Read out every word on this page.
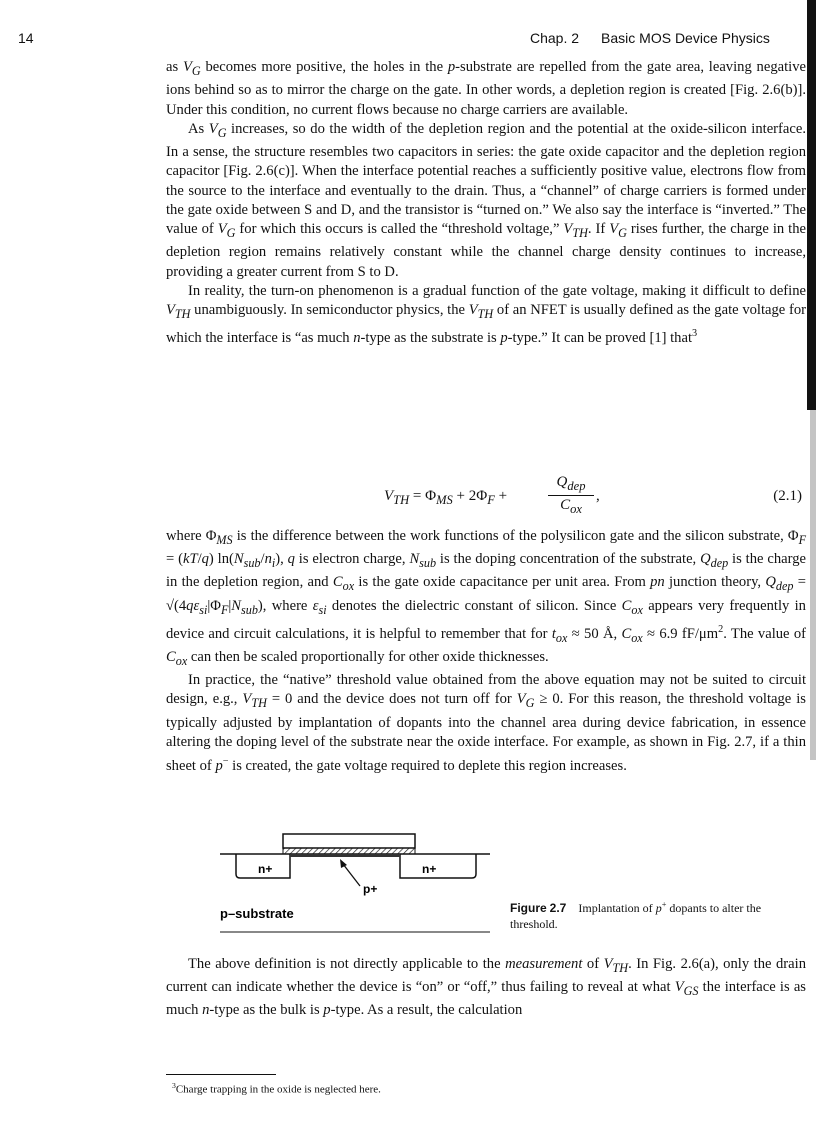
14	Chap. 2 Basic MOS Device Physics

as $V_G$ becomes more positive, the holes in the p-substrate are repelled from the gate area, leaving negative ions behind so as to mirror the charge on the gate. In other words, a depletion region is created [Fig. 2.6(b)]. Under this condition, no current flows because no charge carriers are available.

As $V_G$ increases, so do the width of the depletion region and the potential at the oxide-silicon interface. In a sense, the structure resembles two capacitors in series: the gate oxide capacitor and the depletion region capacitor [Fig. 2.6(c)]. When the interface potential reaches a sufficiently positive value, electrons flow from the source to the interface and eventually to the drain. Thus, a “channel” of charge carriers is formed under the gate oxide between S and D, and the transistor is “turned on.” We also say the interface is “inverted.” The value of $V_G$ for which this occurs is called the “threshold voltage,” $V_{TH}$. If $V_G$ rises further, the charge in the depletion region remains relatively constant while the channel charge density continues to increase, providing a greater current from S to D.

In reality, the turn-on phenomenon is a gradual function of the gate voltage, making it difficult to define $V_{TH}$ unambiguously. In semiconductor physics, the $V_{TH}$ of an NFET is usually defined as the gate voltage for which the interface is “as much n-type as the substrate is p-type.” It can be proved [1] that$^3$

$V_{TH} = \Phi_{MS} + 2\Phi_F$ +
$Q_{dep}$
$C_{ox}$
,	(2.1)

where $\Phi_{MS}$ is the difference between the work functions of the polysilicon gate and the silicon substrate, $\Phi_F = (kT/q)$ $\ln(N_{sub}/n_i)$, q is electron charge, $N_{sub}$ is the doping concentration of the substrate, $Q_{dep}$ is the charge in the depletion region, and $C_{ox}$ is the gate oxide capacitance per unit area. From pn junction theory, $Q_{dep} = √(4q\varepsilon_{si}|\Phi_F|N_{sub})$, where $\varepsilon_{si}$ denotes the dielectric constant of silicon. Since $C_{ox}$ appears very frequently in device and circuit calculations, it is helpful to remember that for $t_{ox} \approx 50$ Å, $C_{ox} \approx 6.9$ $fF/\mu m^2$. The value of $C_{ox}$ can then be scaled proportionally for other oxide thicknesses.

In practice, the “native” threshold value obtained from the above equation may not be suited to circuit design, e.g., $V_{TH} = 0$ and the device does not turn off for $V_G \ge 0$. For this reason, the threshold voltage is typically adjusted by implantation of dopants into the channel area during device fabrication, in essence altering the doping level of the substrate near the oxide interface. For example, as shown in Fig. 2.7, if a thin sheet of p− is created, the gate voltage required to deplete this region increases.

n+	n+
p+
p–substrate	Figure 2.7 Implantation of p+ dopants to alter the threshold.

The above definition is not directly applicable to the measurement of $V_{TH}$. In Fig. 2.6(a), only the drain current can indicate whether the device is “on” or “off,” thus failing to reveal at what $V_{GS}$ the interface is as much n-type as the bulk is p-type. As a result, the calculation

$^3$Charge trapping in the oxide is neglected here.
